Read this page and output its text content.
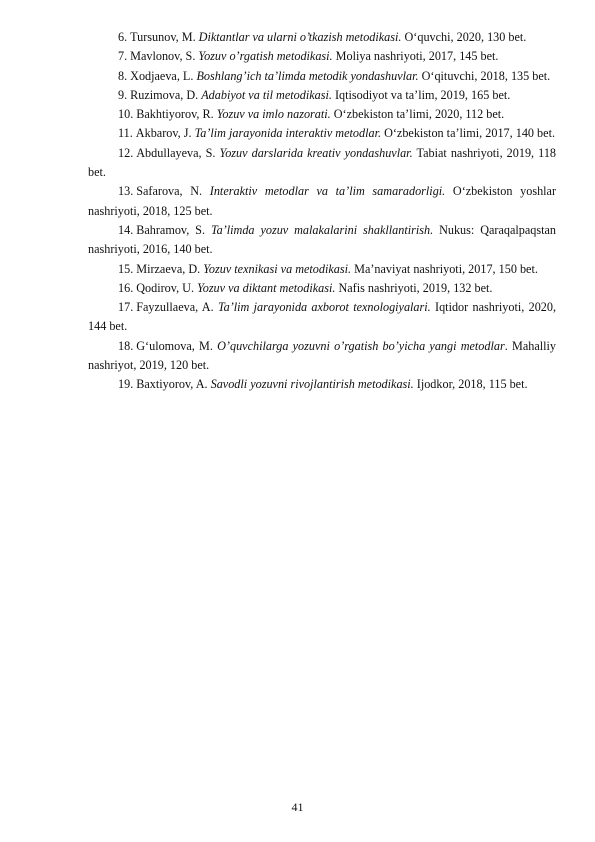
6. Tursunov, M. Diktantlar va ularni o’tkazish metodikasi. O‘quvchi, 2020, 130 bet.

7. Mavlonov, S. Yozuv o’rgatish metodikasi. Moliya nashriyoti, 2017, 145 bet.

8. Xodjaeva, L. Boshlang’ich ta’limda metodik yondashuvlar. O‘qituvchi, 2018, 135 bet.

9. Ruzimova, D. Adabiyot va til metodikasi. Iqtisodiyot va ta’lim, 2019, 165 bet.

10. Bakhtiyorov, R. Yozuv va imlo nazorati. O‘zbekiston ta’limi, 2020, 112 bet.

11. Akbarov, J. Ta’lim jarayonida interaktiv metodlar. O‘zbekiston ta’limi, 2017, 140 bet.

12. Abdullayeva, S. Yozuv darslarida kreativ yondashuvlar. Tabiat nashriyoti, 2019, 118 bet.

13. Safarova, N. Interaktiv metodlar va ta’lim samaradorligi. O‘zbekiston yoshlar nashriyoti, 2018, 125 bet.

14. Bahramov, S. Ta’limda yozuv malakalarini shakllantirish. Nukus: Qaraqalpaqstan nashriyoti, 2016, 140 bet.

15. Mirzaeva, D. Yozuv texnikasi va metodikasi. Ma’naviyat nashriyoti, 2017, 150 bet.

16. Qodirov, U. Yozuv va diktant metodikasi. Nafis nashriyoti, 2019, 132 bet.

17. Fayzullaeva, A. Ta’lim jarayonida axborot texnologiyalari. Iqtidor nashriyoti, 2020, 144 bet.

18. G‘ulomova, M. O’quvchilarga yozuvni o’rgatish bo’yicha yangi metodlar. Mahalliy nashriyot, 2019, 120 bet.

19. Baxtiyorov, A. Savodli yozuvni rivojlantirish metodikasi. Ijodkor, 2018, 115 bet.

41
